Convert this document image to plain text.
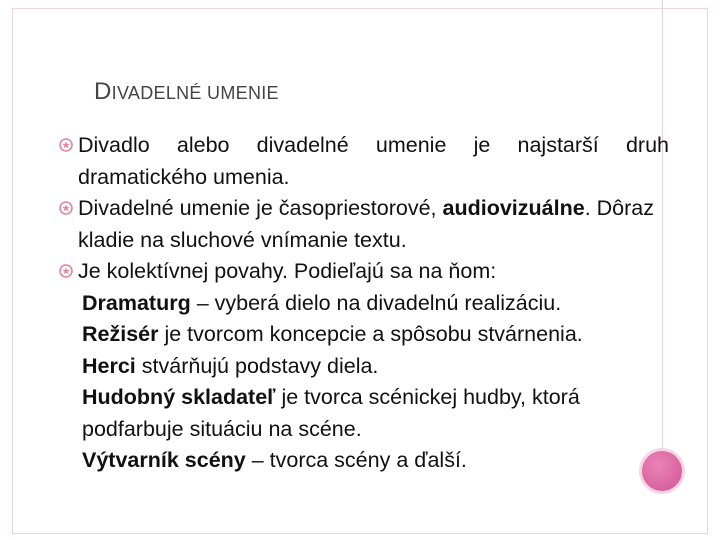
DIVADELNÉ UMENIE
Divadlo alebo divadelné umenie je najstarší druh dramatického umenia.
Divadelné umenie je časopriestorové, audiovizuálne. Dôraz kladie na sluchové vnímanie textu.
Je kolektívnej povahy. Podieľajú sa na ňom:
Dramaturg – vyberá dielo na divadelnú realizáciu.
Režisér je tvorcom koncepcie a spôsobu stvárnenia.
Herci stvárňujú podstavy diela.
Hudobný skladateľ je tvorca scénickej hudby, ktorá podfarbuje situáciu na scéne.
Výtvarník scény – tvorca scény a ďalší.
